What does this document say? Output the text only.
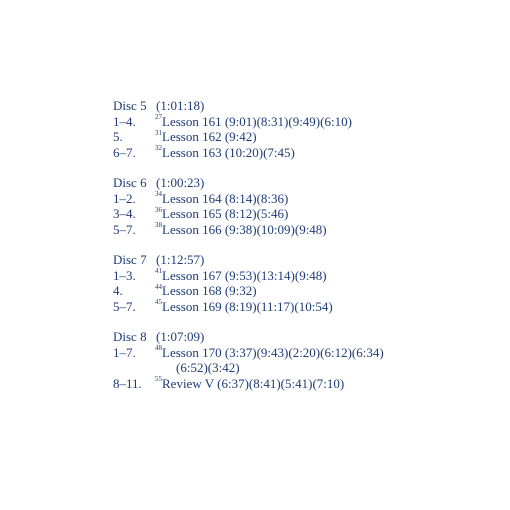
Disc 5 (1:01:18)
1–4.	$^{27}$Lesson 161 (9:01)(8:31)(9:49)(6:10)
5.	$^{31}$Lesson 162 (9:42)
6–7.	$^{32}$Lesson 163 (10:20)(7:45)
Disc 6 (1:00:23)
1–2.	$^{34}$Lesson 164 (8:14)(8:36)
3–4.	$^{36}$Lesson 165 (8:12)(5:46)
5–7.	$^{38}$Lesson 166 (9:38)(10:09)(9:48)
Disc 7 (1:12:57)
1–3.	$^{41}$Lesson 167 (9:53)(13:14)(9:48)
4.	$^{44}$Lesson 168 (9:32)
5–7.	$^{45}$Lesson 169 (8:19)(11:17)(10:54)
Disc 8 (1:07:09)
1–7.	$^{48}$Lesson 170 (3:37)(9:43)(2:20)(6:12)(6:34)
(6:52)(3:42)
8–11. $^{55}$Review V (6:37)(8:41)(5:41)(7:10)
